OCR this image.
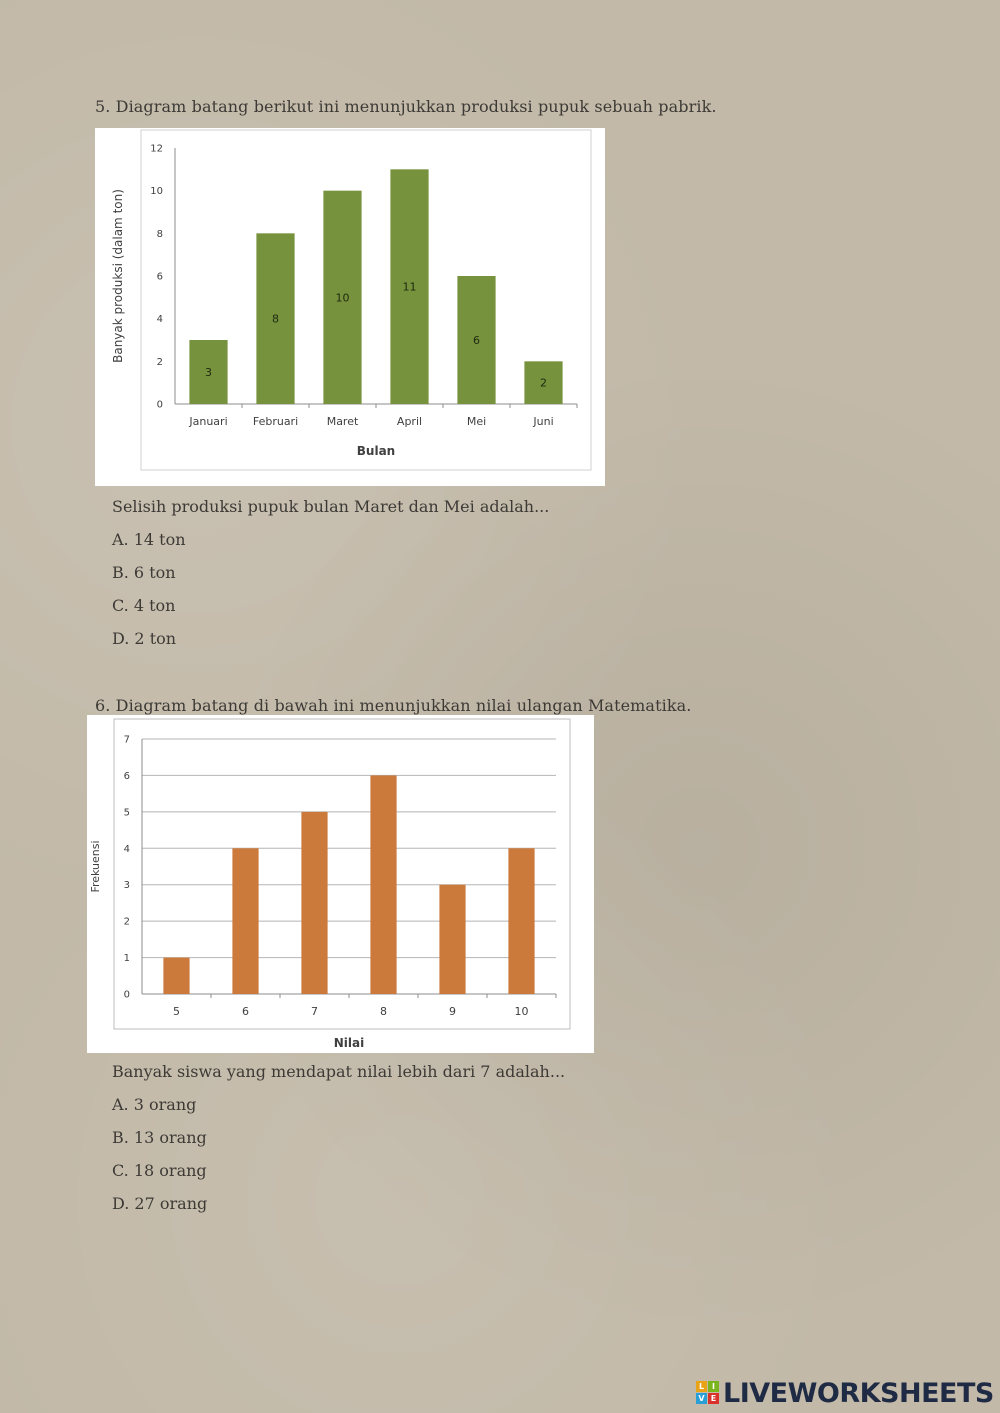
5. Diagram batang berikut ini menunjukkan produksi pupuk sebuah pabrik.
0
2
4
6
8
10
12
Januari
3
Februari
8
Maret
10
April
11
Mei
6
Juni
2
Bulan
Banyak produksi (dalam ton)
Selisih produksi pupuk bulan Maret dan Mei adalah...
A. 14 ton
B. 6 ton
C. 4 ton
D. 2 ton
6. Diagram batang di bawah ini menunjukkan nilai ulangan Matematika.
0
1
2
3
4
5
6
7
5	6	7	8	9	10
Nilai
Frekuensi
Banyak siswa yang mendapat nilai lebih dari 7 adalah...
A. 3 orang
B. 13 orang
C. 18 orang
D. 27 orang
L I
V E LIVEWORKSHEETS
